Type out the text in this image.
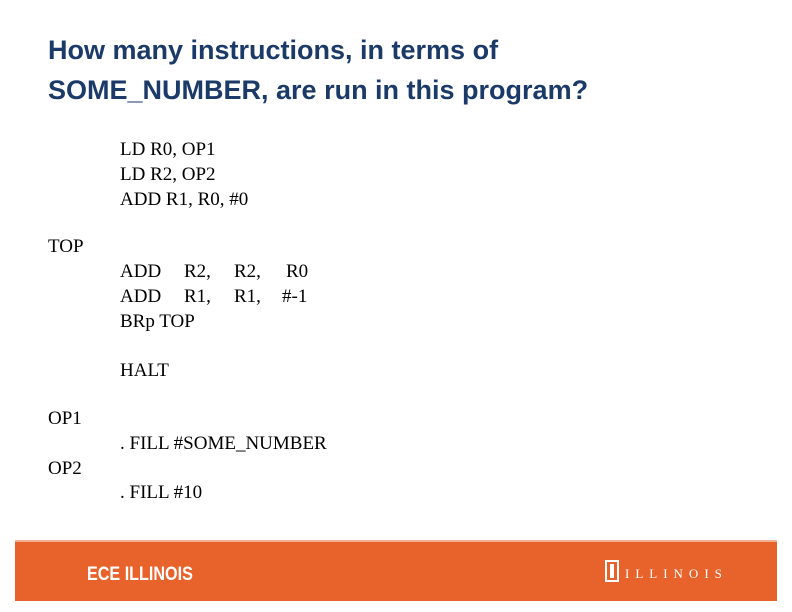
How many instructions, in terms of
SOME_NUMBER, are run in this program?
LD R0, OP1
LD R2, OP2
ADD R1, R0, #0
TOP
ADD R2, R2, R0
ADD R1, R1, #-1
BRp TOP
HALT
OP1
. FILL #SOME_NUMBER
OP2
. FILL #10
ECE ILLINOIS	ILLINOIS
